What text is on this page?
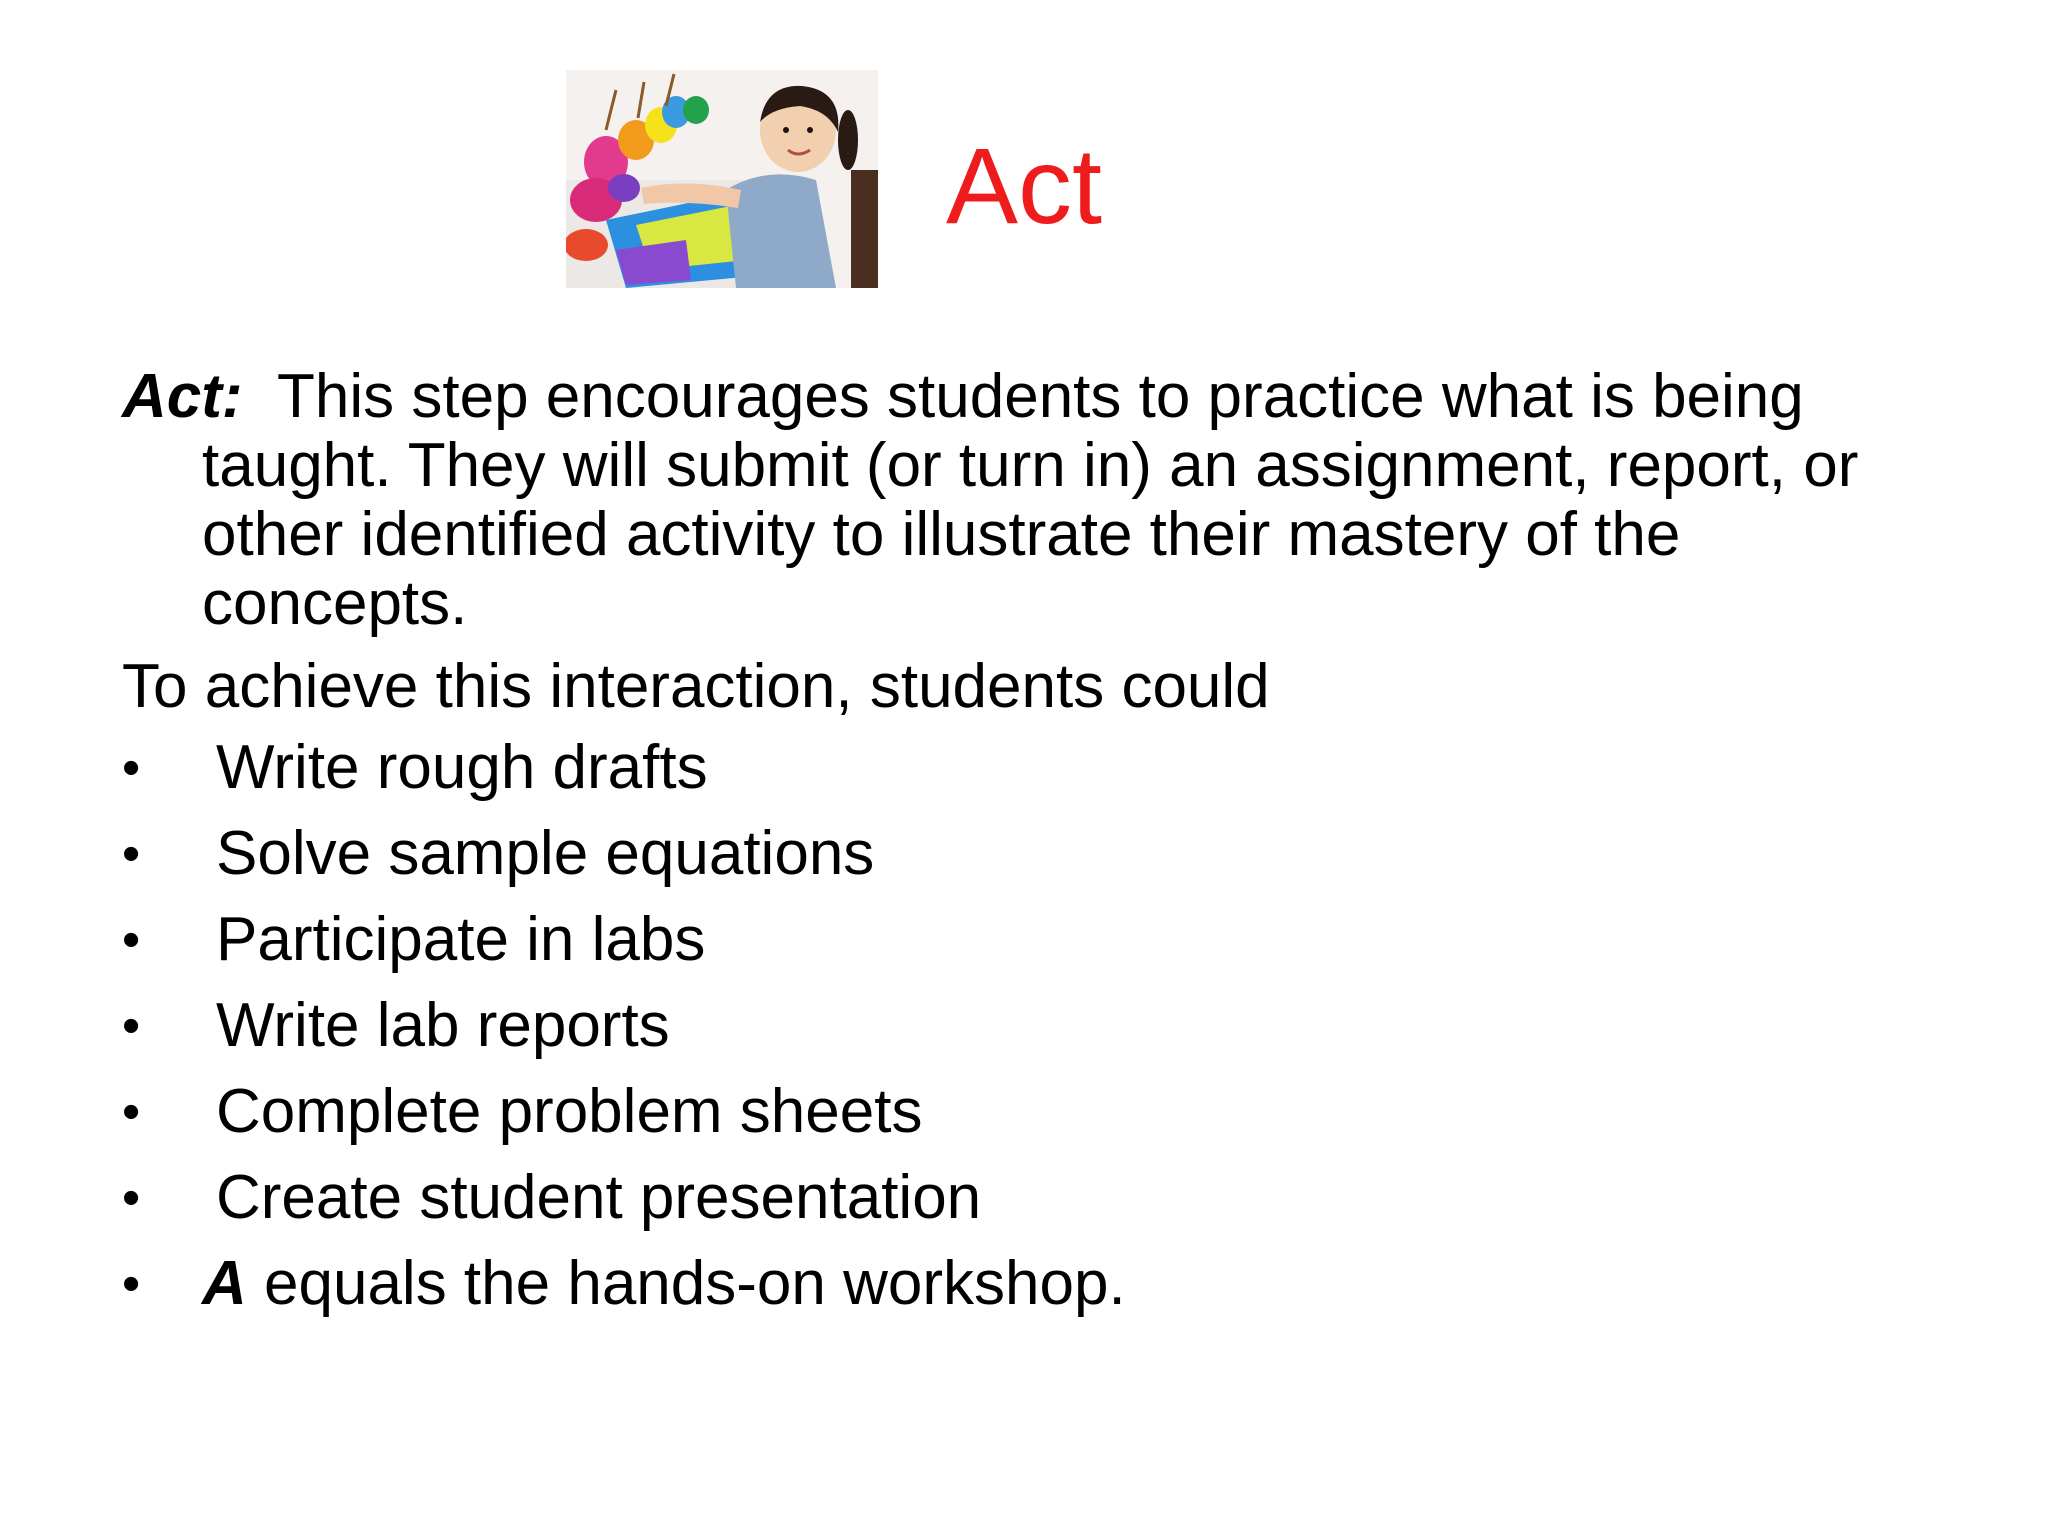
Act

Act: This step encourages students to practice what is being taught. They will submit (or turn in) an assignment, report, or other identified activity to illustrate their mastery of the concepts.

To achieve this interaction, students could

• Write rough drafts
• Solve sample equations
• Participate in labs
• Write lab reports
• Complete problem sheets
• Create student presentation
• A equals the hands-on workshop.
